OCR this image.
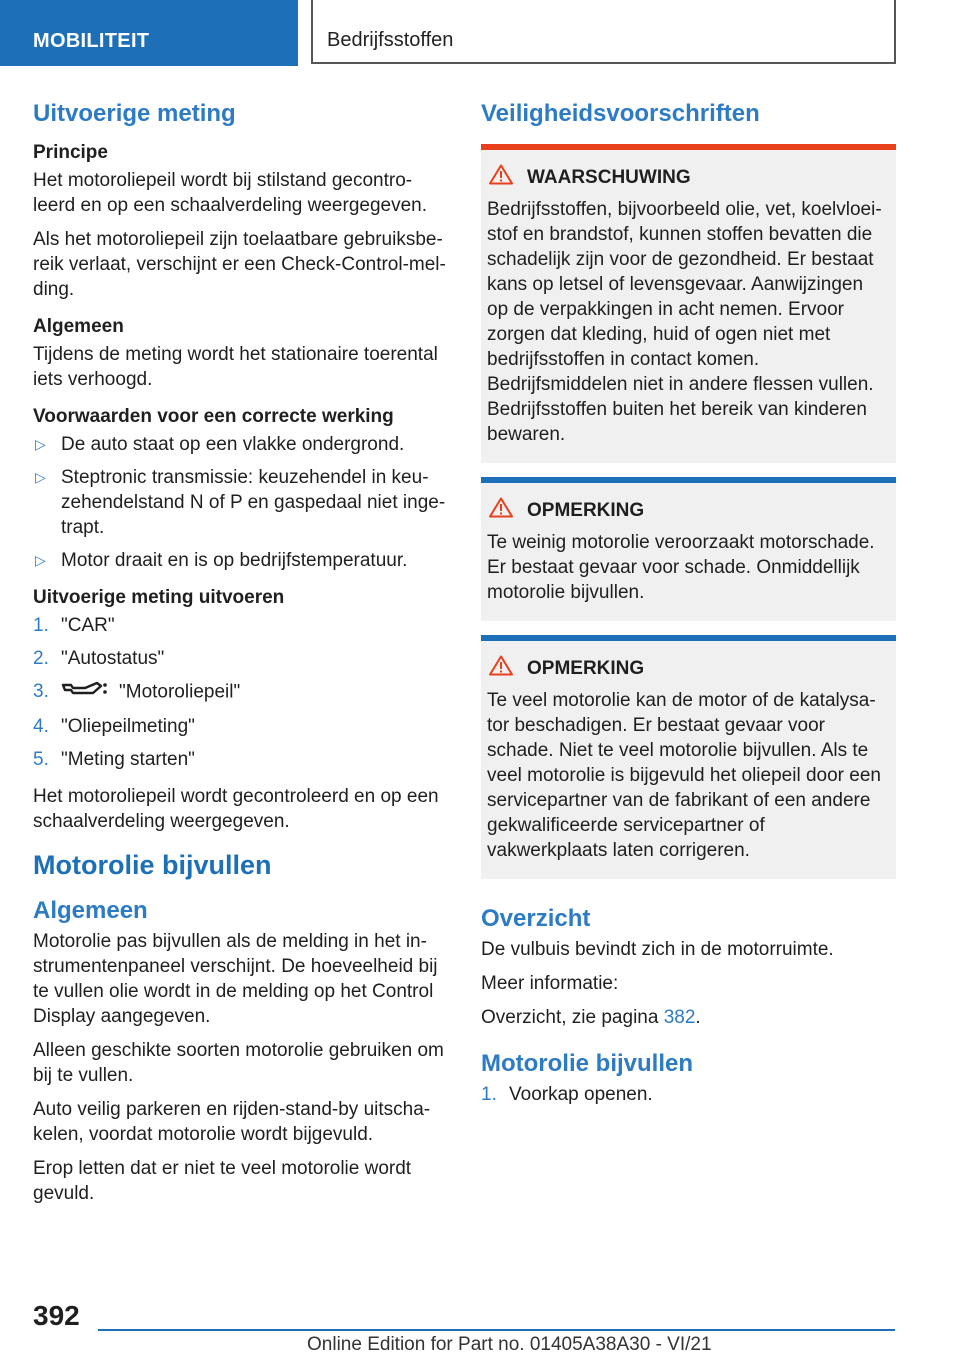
MOBILITEIT	Bedrijfsstoffen
Uitvoerige meting
Principe

Het motoroliepeil wordt bij stilstand gecontroleerd en op een schaalverdeling weergegeven.

Als het motoroliepeil zijn toelaatbare gebruiksbereik verlaat, verschijnt er een Check-Control-melding.

Algemeen

Tijdens de meting wordt het stationaire toerental iets verhoogd.

Voorwaarden voor een correcte werking
▷ De auto staat op een vlakke ondergrond.
▷ Steptronic transmissie: keuzehendel in keuzehendelstand N of P en gaspedaal niet ingetrapt.
▷ Motor draait en is op bedrijfstemperatuur.
Uitvoerige meting uitvoeren
1. "CAR"
2. "Autostatus"
3.	"Motoroliepeil"
4. "Oliepeilmeting"
5. "Meting starten"

Het motoroliepeil wordt gecontroleerd en op een schaalverdeling weergegeven.

Motorolie bijvullen
Algemeen

Motorolie pas bijvullen als de melding in het instrumentenpaneel verschijnt. De hoeveelheid bij te vullen olie wordt in de melding op het Control Display aangegeven.

Alleen geschikte soorten motorolie gebruiken om bij te vullen.

Auto veilig parkeren en rijden-stand-by uitschakelen, voordat motorolie wordt bijgevuld.

Erop letten dat er niet te veel motorolie wordt gevuld.

Veiligheidsvoorschriften
WAARSCHUWING

Bedrijfsstoffen, bijvoorbeeld olie, vet, koelvloeistof en brandstof, kunnen stoffen bevatten die schadelijk zijn voor de gezondheid. Er bestaat kans op letsel of levensgevaar. Aanwijzingen op de verpakkingen in acht nemen. Ervoor zorgen dat kleding, huid of ogen niet met bedrijfsstoffen in contact komen. Bedrijfsmiddelen niet in andere flessen vullen. Bedrijfsstoffen buiten het bereik van kinderen bewaren.

OPMERKING

Te weinig motorolie veroorzaakt motorschade. Er bestaat gevaar voor schade. Onmiddellijk motorolie bijvullen.

OPMERKING

Te veel motorolie kan de motor of de katalysator beschadigen. Er bestaat gevaar voor schade. Niet te veel motorolie bijvullen. Als te veel motorolie is bijgevuld het oliepeil door een servicepartner van de fabrikant of een andere gekwalificeerde servicepartner of vakwerkplaats laten corrigeren.

Overzicht

De vulbuis bevindt zich in de motorruimte.

Meer informatie:

Overzicht, zie pagina 382.

Motorolie bijvullen
1. Voorkap openen.
392
Online Edition for Part no. 01405A38A30 - VI/21
